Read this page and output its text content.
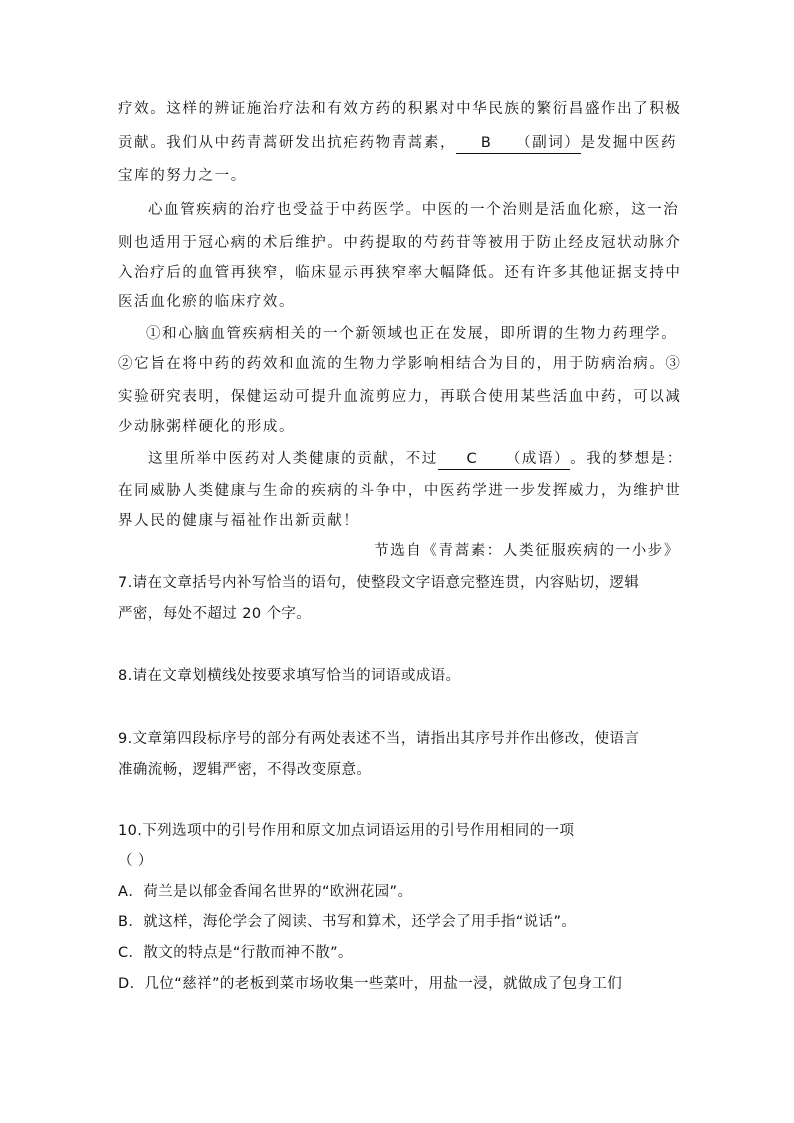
疗效。这样的辨证施治疗法和有效方药的积累对中华民族的繁衍昌盛作出了积极
贡献。我们从中药青蒿研发出抗疟药物青蒿素， B （副词）是发掘中医药
宝库的努力之一。
心血管疾病的治疗也受益于中药医学。中医的一个治则是活血化瘀，这一治
则也适用于冠心病的术后维护。中药提取的芍药苷等被用于防止经皮冠状动脉介
入治疗后的血管再狭窄，临床显示再狭窄率大幅降低。还有许多其他证据支持中
医活血化瘀的临床疗效。
①和心脑血管疾病相关的一个新领域也正在发展，即所谓的生物力药理学。
②它旨在将中药的药效和血流的生物力学影响相结合为目的，用于防病治病。③
实验研究表明，保健运动可提升血流剪应力，再联合使用某些活血中药，可以减
少动脉粥样硬化的形成。
这里所举中医药对人类健康的贡献，不过 C （成语）。我的梦想是：
在同威胁人类健康与生命的疾病的斗争中，中医药学进一步发挥威力，为维护世
界人民的健康与福祉作出新贡献！
节选自《青蒿素：人类征服疾病的一小步》
7.请在文章括号内补写恰当的语句，使整段文字语意完整连贯，内容贴切，逻辑
严密，每处不超过 20 个字。
8.请在文章划横线处按要求填写恰当的词语或成语。
9.文章第四段标序号的部分有两处表述不当，请指出其序号并作出修改，使语言
准确流畅，逻辑严密，不得改变原意。
10.下列选项中的引号作用和原文加点词语运用的引号作用相同的一项
（ ）
A．荷兰是以郁金香闻名世界的“欧洲花园”。
B．就这样，海伦学会了阅读、书写和算术，还学会了用手指“说话”。
C．散文的特点是“行散而神不散”。
D．几位“慈祥”的老板到菜市场收集一些菜叶，用盐一浸，就做成了包身工们
